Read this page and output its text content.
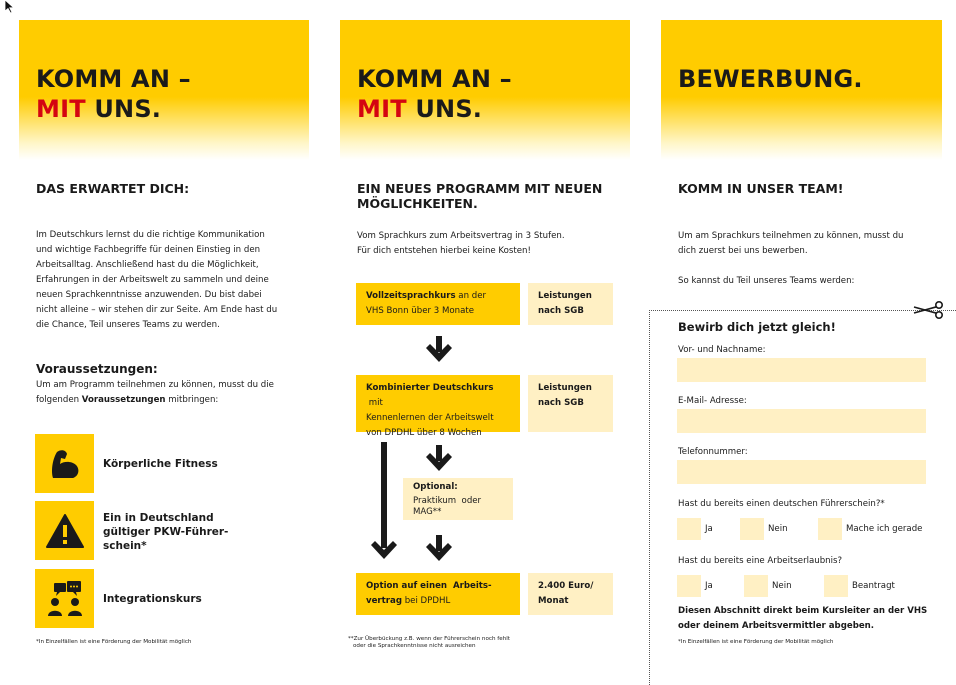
KOMM AN –
MIT UNS.
DAS ERWARTET DICH:
Im Deutschkurs lernst du die richtige Kommunikation
und wichtige Fachbegriffe für deinen Einstieg in den
Arbeitsalltag. Anschließend hast du die Möglichkeit,
Erfahrungen in der Arbeitswelt zu sammeln und deine
neuen Sprachkenntnisse anzuwenden. Du bist dabei
nicht alleine – wir stehen dir zur Seite. Am Ende hast du
die Chance, Teil unseres Teams zu werden.
Voraussetzungen:
Um am Programm teilnehmen zu können, musst du die
folgenden Voraussetzungen mitbringen:
Körperliche Fitness
Ein in Deutschland
gültiger PKW-Führer-
schein*
Integrationskurs
*In Einzelfällen ist eine Förderung der Mobilität möglich
KOMM AN –
MIT UNS.
EIN NEUES PROGRAMM MIT NEUEN
MÖGLICHKEITEN.
Vom Sprachkurs zum Arbeitsvertrag in 3 Stufen.
Für dich entstehen hierbei keine Kosten!
Vollzeitsprachkurs an der
VHS Bonn über 3 Monate
Leistungen
nach SGB
Kombinierter Deutschkurs mit
Kennenlernen der Arbeitswelt
von DPDHL über 8 Wochen
Leistungen
nach SGB
Optional:
Praktikum  oder
MAG**
Option auf einen  Arbeits-
vertrag bei DPDHL
2.400 Euro/
Monat
**Zur Überbückung z.B. wenn der Führerschein noch fehlt
oder die Sprachkenntnisse nicht ausreichen
BEWERBUNG.
KOMM IN UNSER TEAM!
Um am Sprachkurs teilnehmen zu können, musst du
dich zuerst bei uns bewerben.
So kannst du Teil unseres Teams werden:
Bewirb dich jetzt gleich!
Vor- und Nachname:
E-Mail- Adresse:
Telefonnummer:
Hast du bereits einen deutschen Führerschein?*
Ja	Nein	Mache ich gerade
Hast du bereits eine Arbeitserlaubnis?
Ja	Nein	Beantragt
Diesen Abschnitt direkt beim Kursleiter an der VHS
oder deinem Arbeitsvermittler abgeben.
*In Einzelfällen ist eine Förderung der Mobilität möglich
